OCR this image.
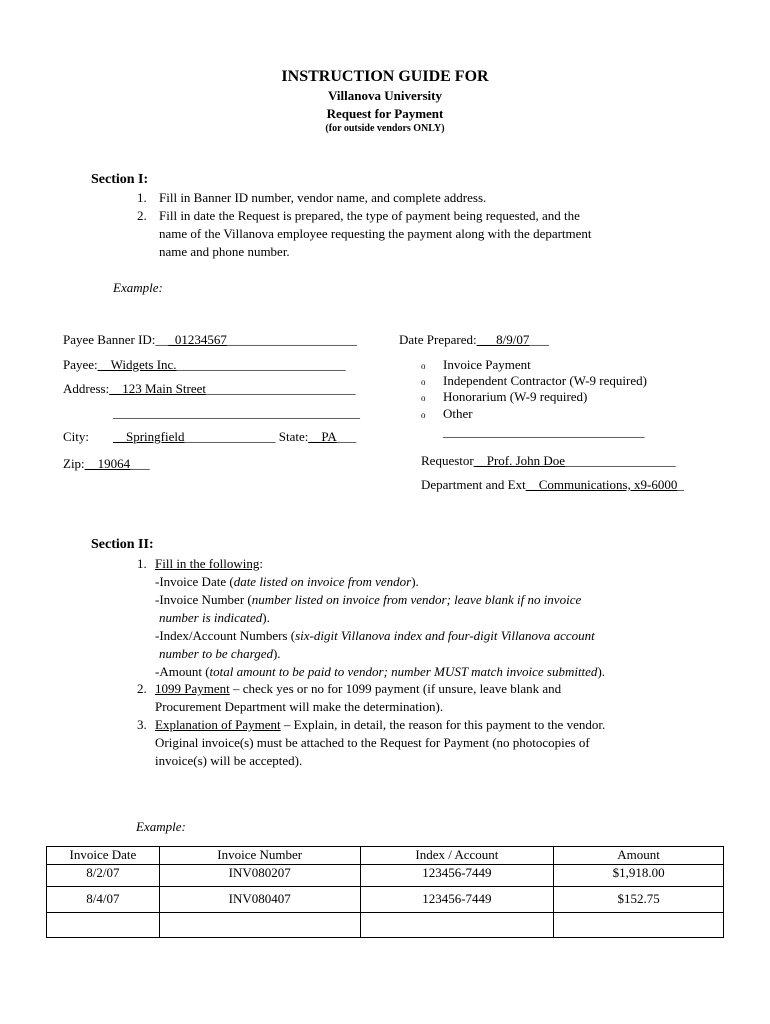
INSTRUCTION GUIDE FOR
Villanova University
Request for Payment
(for outside vendors ONLY)
Section I:
1. Fill in Banner ID number, vendor name, and complete address.
2. Fill in date the Request is prepared, the type of payment being requested, and the
name of the Villanova employee requesting the payment along with the department
name and phone number.
Example:
Payee Banner ID:___01234567____________________
Payee:__Widgets Inc.__________________________
Address:__123 Main Street_______________________
______________________________________
City: __Springfield______________ State:__PA___
Zip:__19064___
Date Prepared:___8/9/07___
o Invoice Payment
o Independent Contractor (W-9 required)
o Honorarium (W-9 required)
o Other
_______________________________
Requestor__Prof. John Doe_________________
Department and Ext__Communications, x9-6000_
Section II:
1. Fill in the following:
-Invoice Date (date listed on invoice from vendor).
-Invoice Number (number listed on invoice from vendor; leave blank if no invoice
number is indicated).
-Index/Account Numbers (six-digit Villanova index and four-digit Villanova account
number to be charged).
-Amount (total amount to be paid to vendor; number MUST match invoice submitted).
2. 1099 Payment – check yes or no for 1099 payment (if unsure, leave blank and
Procurement Department will make the determination).
3. Explanation of Payment – Explain, in detail, the reason for this payment to the vendor.
Original invoice(s) must be attached to the Request for Payment (no photocopies of
invoice(s) will be accepted).
Example:
Invoice Date	Invoice Number	Index / Account	Amount
8/2/07	INV080207	123456-7449	$1,918.00
8/4/07	INV080407	123456-7449	$152.75
